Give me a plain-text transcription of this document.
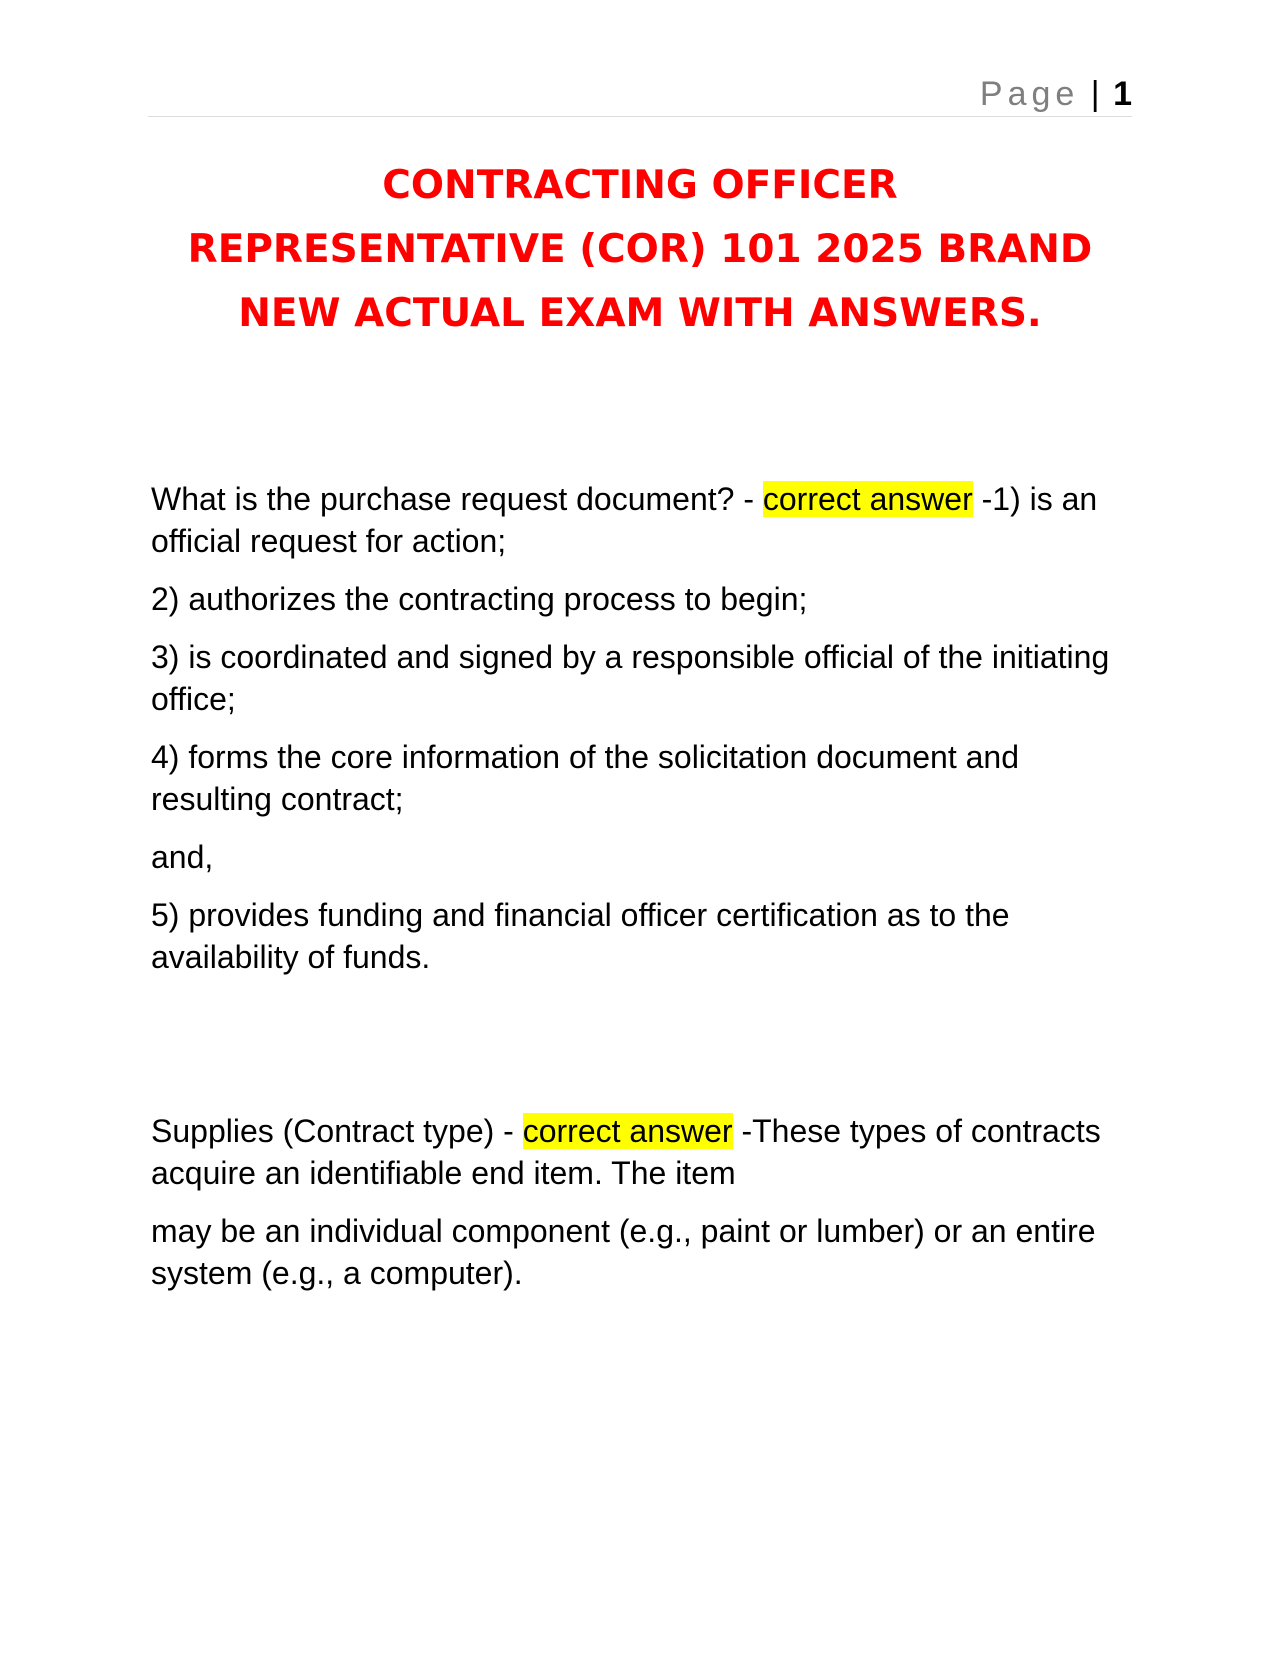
Page | 1
CONTRACTING OFFICER
REPRESENTATIVE (COR) 101 2025 BRAND
NEW ACTUAL EXAM WITH ANSWERS.

What is the purchase request document? - correct answer -1) is an official request for action;

2) authorizes the contracting process to begin;

3) is coordinated and signed by a responsible official of the initiating office;

4) forms the core information of the solicitation document and resulting contract;

and,

5) provides funding and financial officer certification as to the availability of funds.

Supplies (Contract type) - correct answer -These types of contracts acquire an identifiable end item. The item

may be an individual component (e.g., paint or lumber) or an entire system (e.g., a computer).
